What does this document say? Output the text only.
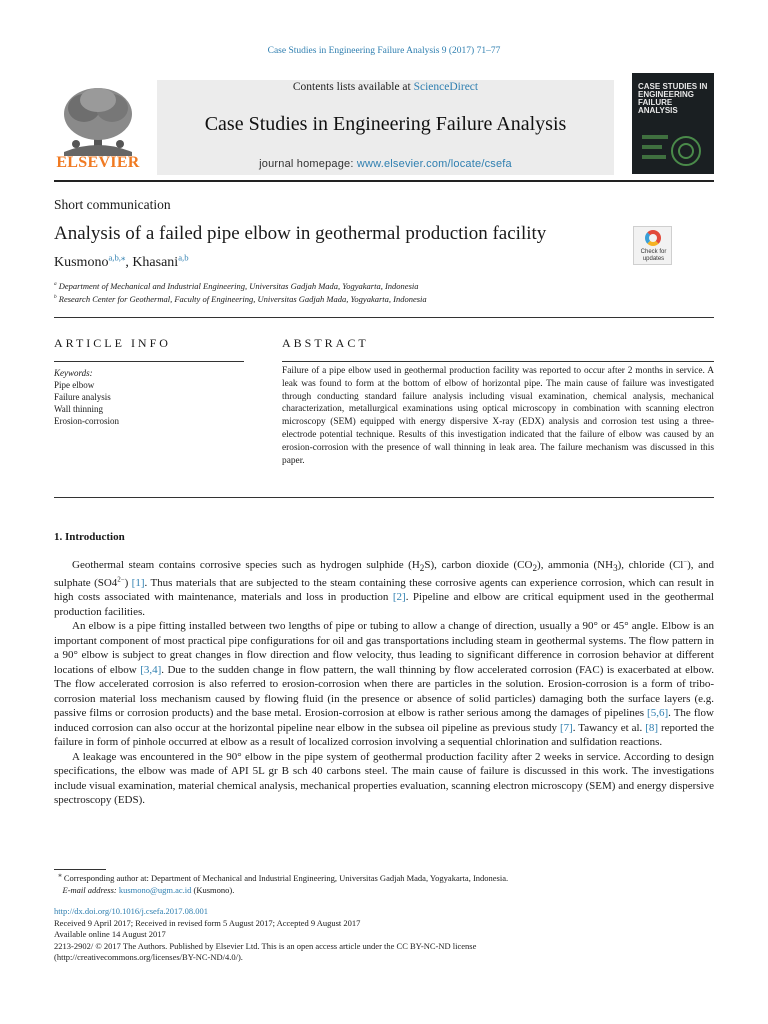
Case Studies in Engineering Failure Analysis 9 (2017) 71–77
ELSEVIER
Contents lists available at ScienceDirect
Case Studies in Engineering Failure Analysis
journal homepage: www.elsevier.com/locate/csefa
CASE STUDIES IN ENGINEERING FAILURE ANALYSIS
Short communication
Analysis of a failed pipe elbow in geothermal production facility
Check for updates
Kusmono$^{a,b,⁎}$, Khasani$^{a,b}$
$^a$ Department of Mechanical and Industrial Engineering, Universitas Gadjah Mada, Yogyakarta, Indonesia
$^b$ Research Center for Geothermal, Faculty of Engineering, Universitas Gadjah Mada, Yogyakarta, Indonesia
ARTICLE INFO
Keywords:
Pipe elbow
Failure analysis
Wall thinning
Erosion-corrosion
ABSTRACT
Failure of a pipe elbow used in geothermal production facility was reported to occur after 2 months in service. A leak was found to form at the bottom of elbow of horizontal pipe. The main cause of failure was investigated through conducting standard failure analysis including visual examination, chemical analysis, mechanical characterization, metallurgical examinations using optical microscopy in combination with scanning electron microscopy (SEM) equipped with energy dispersive X-ray (EDX) analysis and corrosion test using a three-electrode potential technique. Results of this investigation indicated that the failure of elbow was caused by an erosion-corrosion with the presence of wall thinning in leak area. The failure mechanism was discussed in this paper.
1. Introduction

Geothermal steam contains corrosive species such as hydrogen sulphide $(H_2S)$, carbon dioxide $(CO_2)$, ammonia $(NH_3)$, chloride (Cl−), and sulphate $(SO4^{2-})$ [1]. Thus materials that are subjected to the steam containing these corrosive agents can experience corrosion, which can result in high costs associated with maintenance, materials and loss in production [2]. Pipeline and elbow are critical equipment used in the geothermal production facilities.

An elbow is a pipe fitting installed between two lengths of pipe or tubing to allow a change of direction, usually a 90° or 45° angle. Elbow is an important component of most practical pipe configurations for oil and gas transportations including steam in geothermal systems. The flow pattern in a 90° elbow is subject to great changes in flow direction and flow velocity, thus leading to significant difference in corrosion behavior at different locations of elbow [3,4]. Due to the sudden change in flow pattern, the wall thinning by flow accelerated corrosion (FAC) is exacerbated at elbow. The flow accelerated corrosion is also referred to erosion-corrosion when there are particles in the solution. Erosion-corrosion is a form of tribo-corrosion material loss mechanism caused by flowing fluid (in the presence or absence of solid particles) damaging both the surface layers (e.g. passive films or corrosion products) and the base metal. Erosion-corrosion at elbow is rather serious among the damages of pipelines [5,6]. The flow induced corrosion can also occur at the horizontal pipeline near elbow in the subsea oil pipeline as previous study [7]. Tawancy et al. [8] reported the failure in form of pinhole occurred at elbow as a result of localized corrosion involving a sequential chlorination and sulfidation reactions.

A leakage was encountered in the 90° elbow in the pipe system of geothermal production facility after 2 weeks in service. According to design specifications, the elbow was made of API 5L gr B sch 40 carbons steel. The main cause of failure is discussed in this work. The investigations include visual examination, material chemical analysis, mechanical properties evaluation, scanning electron microscopy (SEM) and energy dispersive spectroscopy (EDS).

⁎ Corresponding author at: Department of Mechanical and Industrial Engineering, Universitas Gadjah Mada, Yogyakarta, Indonesia.
E-mail address: kusmono@ugm.ac.id (Kusmono).
http://dx.doi.org/10.1016/j.csefa.2017.08.001
Received 9 April 2017; Received in revised form 5 August 2017; Accepted 9 August 2017
Available online 14 August 2017
2213-2902/ © 2017 The Authors. Published by Elsevier Ltd. This is an open access article under the CC BY-NC-ND license
(http://creativecommons.org/licenses/BY-NC-ND/4.0/).
